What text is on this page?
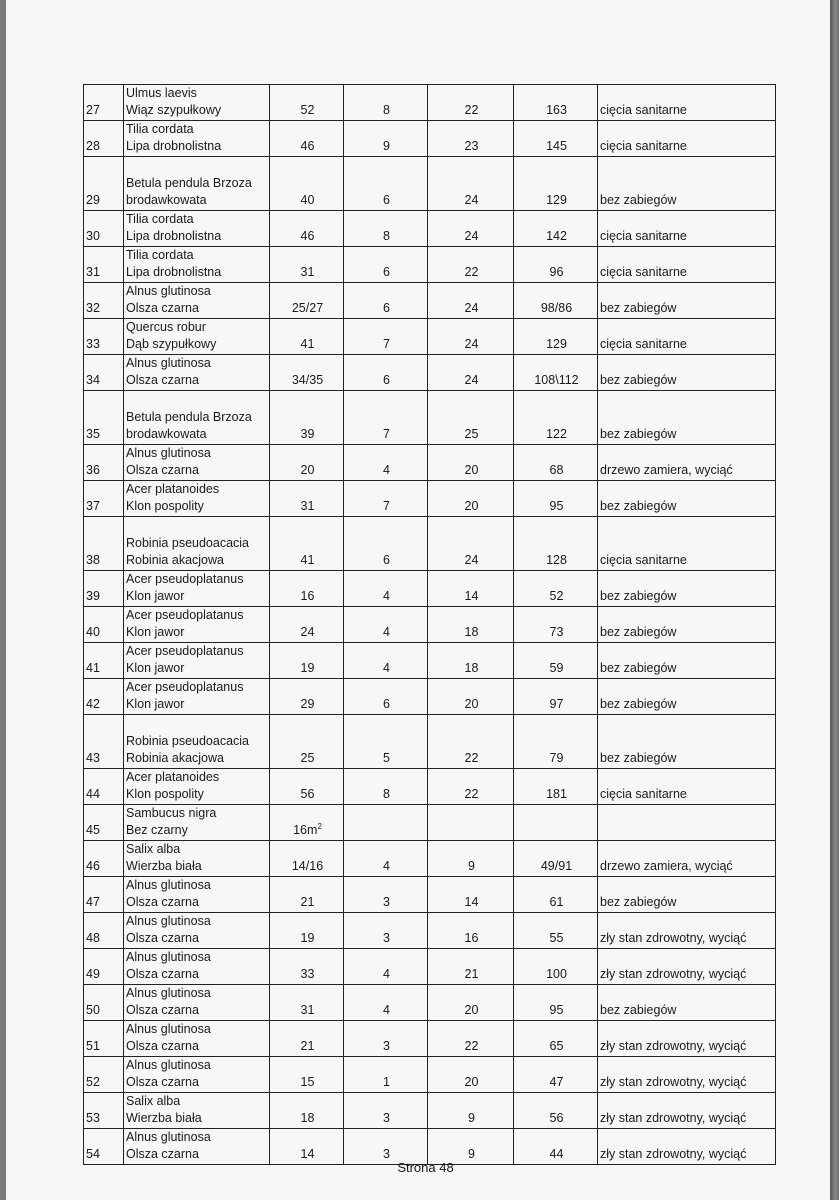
27	Ulmus laevis
Wiąz szypułkowy	52	8	22	163	cięcia sanitarne
28	Tilia cordata
Lipa drobnolistna	46	9	23	145	cięcia sanitarne
29	Betula pendula Brzoza
brodawkowata	40	6	24	129	bez zabiegów
30	Tilia cordata
Lipa drobnolistna	46	8	24	142	cięcia sanitarne
31	Tilia cordata
Lipa drobnolistna	31	6	22	96	cięcia sanitarne
32	Alnus glutinosa
Olsza czarna	25/27	6	24	98/86	bez zabiegów
33	Quercus robur
Dąb szypułkowy	41	7	24	129	cięcia sanitarne
34	Alnus glutinosa
Olsza czarna	34/35	6	24	108\112	bez zabiegów
35	Betula pendula Brzoza
brodawkowata	39	7	25	122	bez zabiegów
36	Alnus glutinosa
Olsza czarna	20	4	20	68	drzewo zamiera, wyciąć
37	Acer platanoides
Klon pospolity	31	7	20	95	bez zabiegów
38	Robinia pseudoacacia
Robinia akacjowa	41	6	24	128	cięcia sanitarne
39	Acer pseudoplatanus
Klon jawor	16	4	14	52	bez zabiegów
40	Acer pseudoplatanus
Klon jawor	24	4	18	73	bez zabiegów
41	Acer pseudoplatanus
Klon jawor	19	4	18	59	bez zabiegów
42	Acer pseudoplatanus
Klon jawor	29	6	20	97	bez zabiegów
43	Robinia pseudoacacia
Robinia akacjowa	25	5	22	79	bez zabiegów
44	Acer platanoides
Klon pospolity	56	8	22	181	cięcia sanitarne
45	Sambucus nigra
Bez czarny	$16m^2$				
46	Salix alba
Wierzba biała	14/16	4	9	49/91	drzewo zamiera, wyciąć
47	Alnus glutinosa
Olsza czarna	21	3	14	61	bez zabiegów
48	Alnus glutinosa
Olsza czarna	19	3	16	55	zły stan zdrowotny, wyciąć
49	Alnus glutinosa
Olsza czarna	33	4	21	100	zły stan zdrowotny, wyciąć
50	Alnus glutinosa
Olsza czarna	31	4	20	95	bez zabiegów
51	Alnus glutinosa
Olsza czarna	21	3	22	65	zły stan zdrowotny, wyciąć
52	Alnus glutinosa
Olsza czarna	15	1	20	47	zły stan zdrowotny, wyciąć
53	Salix alba
Wierzba biała	18	3	9	56	zły stan zdrowotny, wyciąć
54	Alnus glutinosa
Olsza czarna	14	3	9	44	zły stan zdrowotny, wyciąć
Strona 48
